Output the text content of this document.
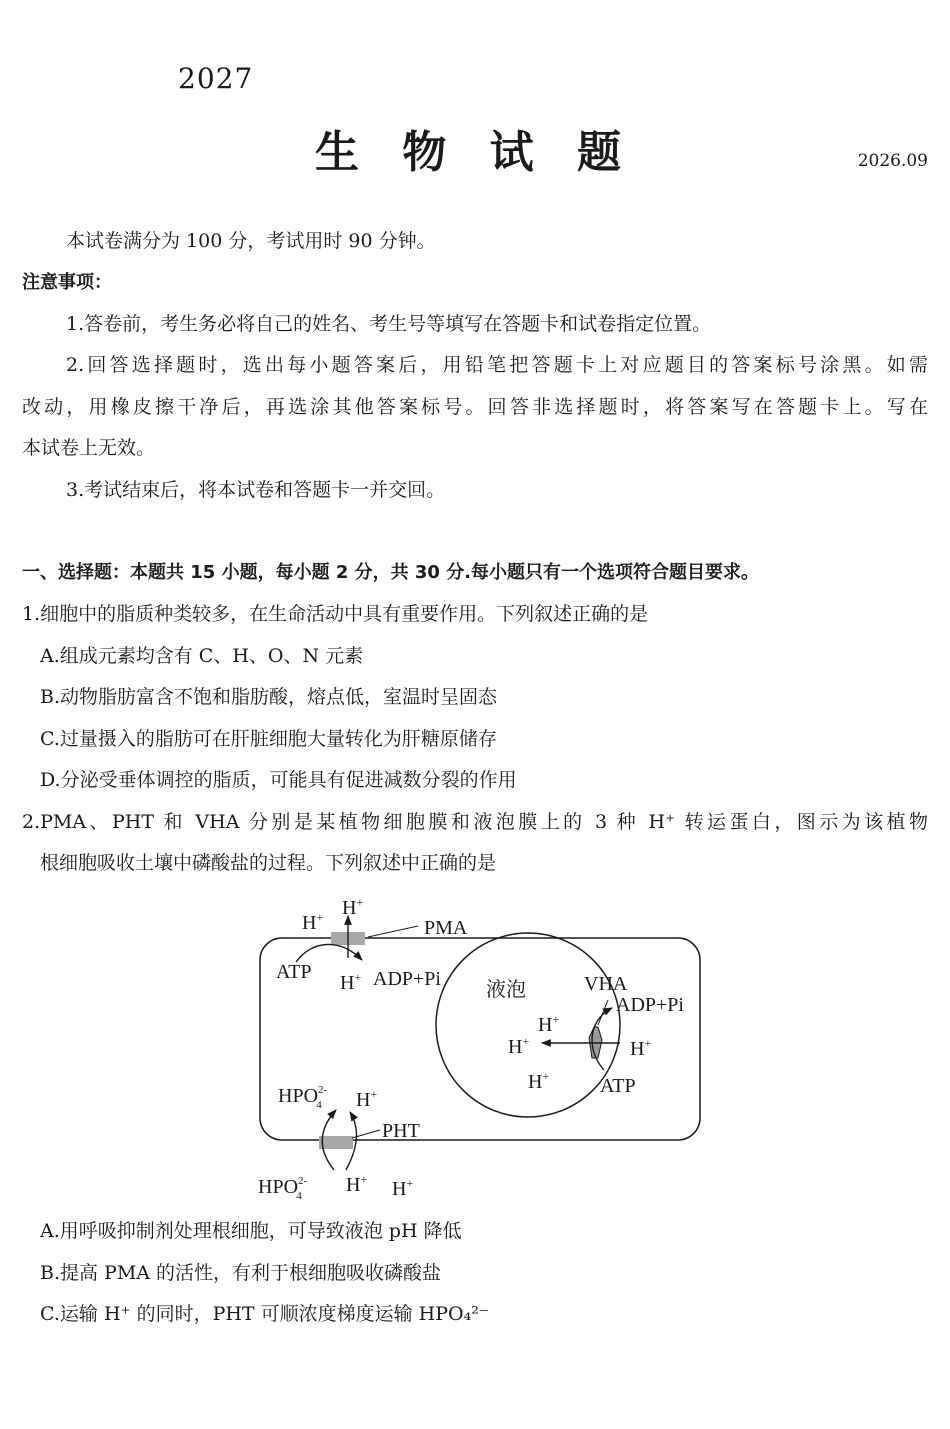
2027
生 物 试 题	2026.09
本试卷满分为 100 分，考试用时 90 分钟。
注意事项：
1.答卷前，考生务必将自己的姓名、考生号等填写在答题卡和试卷指定位置。
2.回答选择题时，选出每小题答案后，用铅笔把答题卡上对应题目的答案标号涂黑。如需
改动，用橡皮擦干净后，再选涂其他答案标号。回答非选择题时，将答案写在答题卡上。写在
本试卷上无效。
3.考试结束后，将本试卷和答题卡一并交回。
一、选择题：本题共 15 小题，每小题 2 分，共 30 分.每小题只有一个选项符合题目要求。
1.细胞中的脂质种类较多，在生命活动中具有重要作用。下列叙述正确的是
A.组成元素均含有 C、H、O、N 元素
B.动物脂肪富含不饱和脂肪酸，熔点低，室温时呈固态
C.过量摄入的脂肪可在肝脏细胞大量转化为肝糖原储存
D.分泌受垂体调控的脂质，可能具有促进减数分裂的作用
2.PMA、PHT 和 VHA 分别是某植物细胞膜和液泡膜上的 3 种 H⁺ 转运蛋白，图示为该植物
根细胞吸收土壤中磷酸盐的过程。下列叙述中正确的是
H+
H+	PMA
ATP H+ ADP+Pi 液泡	VHA
ADP+Pi
H+
H+	H+
H+	ATP
$HPO^{2-}4$ H+
PHT
$HPO^{2-}4$ H+ H+
A.用呼吸抑制剂处理根细胞，可导致液泡 pH 降低
B.提高 PMA 的活性，有利于根细胞吸收磷酸盐
C.运输 H⁺ 的同时，PHT 可顺浓度梯度运输 HPO₄²⁻
